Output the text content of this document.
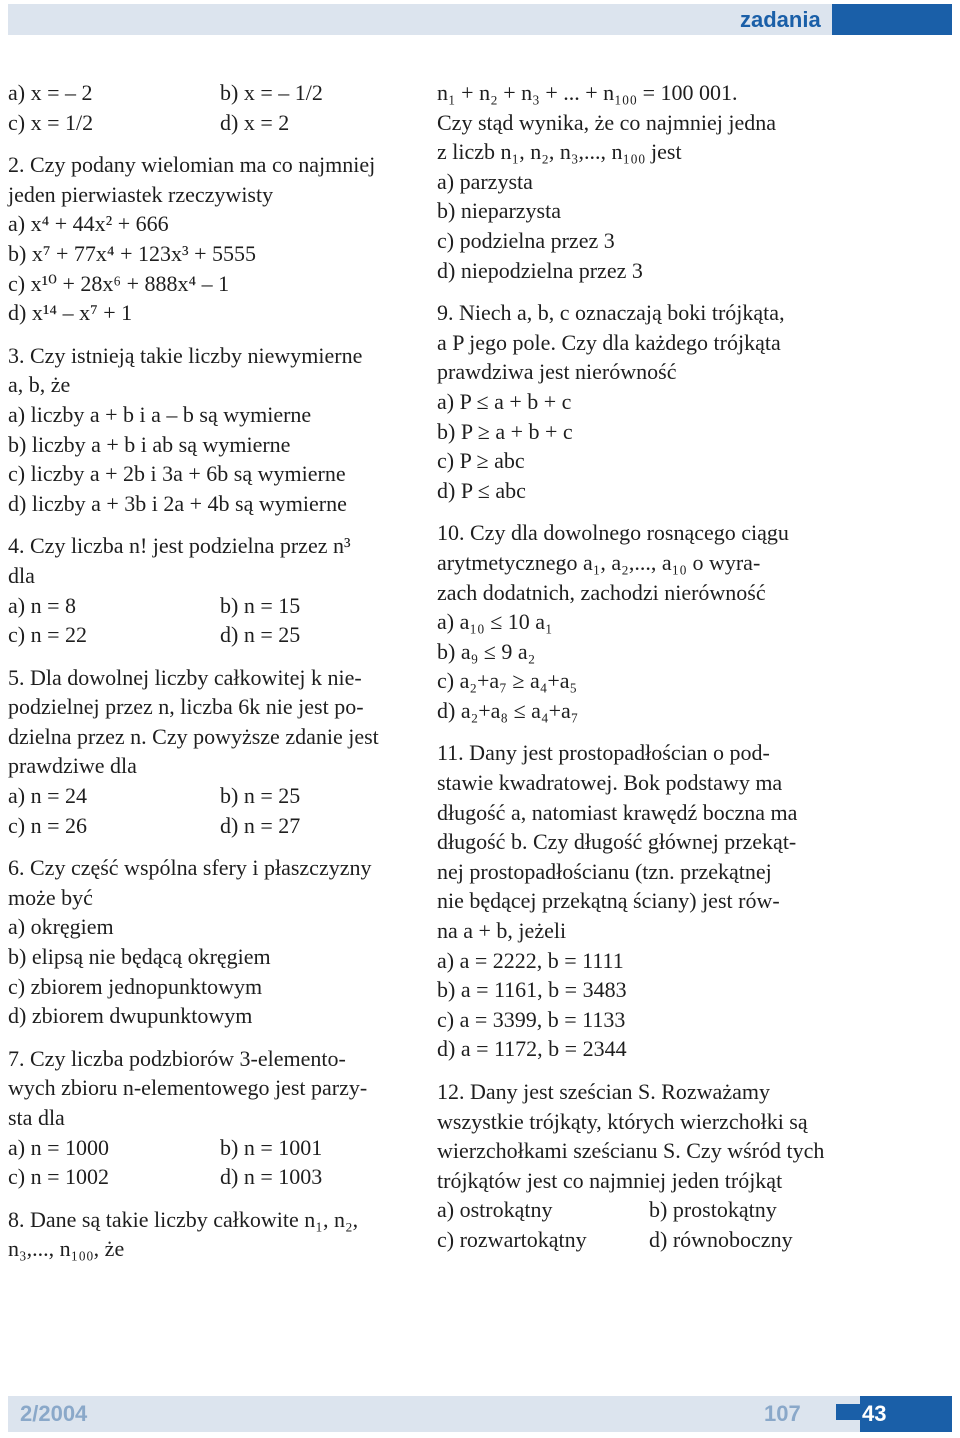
zadania
a) x = – 2	b) x = – 1/2
c) x = 1/2	d) x = 2
2. Czy podany wielomian ma co najmniej
jeden pierwiastek rzeczywisty
a) x⁴ + 44x² + 666
b) x⁷ + 77x⁴ + 123x³ + 5555
c) x¹⁰ + 28x⁶ + 888x⁴ – 1
d) x¹⁴ – x⁷ + 1
3. Czy istnieją takie liczby niewymierne
a, b, że
a) liczby a + b i a – b są wymierne
b) liczby a + b i ab są wymierne
c) liczby a + 2b i 3a + 6b są wymierne
d) liczby a + 3b i 2a + 4b są wymierne
4. Czy liczba n! jest podzielna przez n³
dla
a) n = 8	b) n = 15
c) n = 22	d) n = 25
5. Dla dowolnej liczby całkowitej k nie-
podzielnej przez n, liczba 6k nie jest po-
dzielna przez n. Czy powyższe zdanie jest
prawdziwe dla
a) n = 24	b) n = 25
c) n = 26	d) n = 27
6. Czy część wspólna sfery i płaszczyzny
może być
a) okręgiem
b) elipsą nie będącą okręgiem
c) zbiorem jednopunktowym
d) zbiorem dwupunktowym
7. Czy liczba podzbiorów 3-elemento-
wych zbioru n-elementowego jest parzy-
sta dla
a) n = 1000	b) n = 1001
c) n = 1002	d) n = 1003
8. Dane są takie liczby całkowite n₁, n₂,
n₃,..., n₁₀₀, że
n₁ + n₂ + n₃ + ... + n₁₀₀ = 100 001.
Czy stąd wynika, że co najmniej jedna
z liczb n₁, n₂, n₃,..., n₁₀₀ jest
a) parzysta
b) nieparzysta
c) podzielna przez 3
d) niepodzielna przez 3
9. Niech a, b, c oznaczają boki trójkąta,
a P jego pole. Czy dla każdego trójkąta
prawdziwa jest nierówność
a) P ≤ a + b + c
b) P ≥ a + b + c
c) P ≥ abc
d) P ≤ abc
10. Czy dla dowolnego rosnącego ciągu
arytmetycznego a₁, a₂,..., a₁₀ o wyra-
zach dodatnich, zachodzi nierówność
a) a₁₀ ≤ 10 a₁
b) a₉ ≤ 9 a₂
c) a₂+a₇ ≥ a₄+a₅
d) a₂+a₈ ≤ a₄+a₇
11. Dany jest prostopadłościan o pod-
stawie kwadratowej. Bok podstawy ma
długość a, natomiast krawędź boczna ma
długość b. Czy długość głównej przekąt-
nej prostopadłościanu (tzn. przekątnej
nie będącej przekątną ściany) jest rów-
na a + b, jeżeli
a) a = 2222, b = 1111
b) a = 1161, b = 3483
c) a = 3399, b = 1133
d) a = 1172, b = 2344
12. Dany jest sześcian S. Rozważamy
wszystkie trójkąty, których wierzchołki są
wierzchołkami sześcianu S. Czy wśród tych
trójkątów jest co najmniej jeden trójkąt
a) ostrokątny	b) prostokątny
c) rozwartokątny	d) równoboczny
2/2004	107	43
